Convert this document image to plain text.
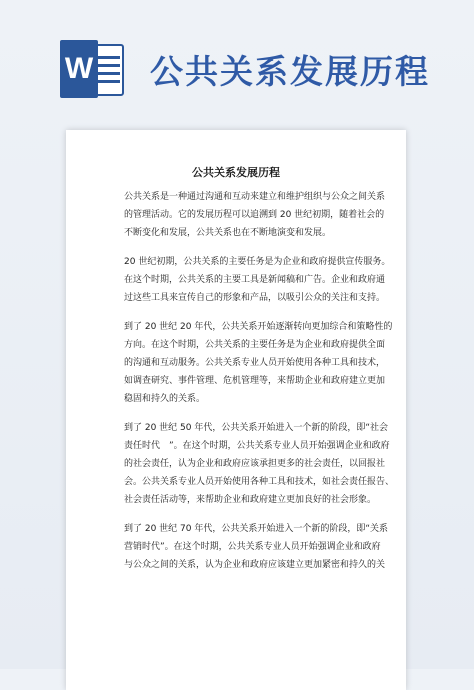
W 公共关系发展历程
公共关系发展历程
公共关系是一种通过沟通和互动来建立和维护组织与公众之间关系
的管理活动。它的发展历程可以追溯到 20 世纪初期，随着社会的
不断变化和发展，公共关系也在不断地演变和发展。
20 世纪初期，公共关系的主要任务是为企业和政府提供宣传服务。
在这个时期，公共关系的主要工具是新闻稿和广告。企业和政府通
过这些工具来宣传自己的形象和产品，以吸引公众的关注和支持。
到了 20 世纪 20 年代，公共关系开始逐渐转向更加综合和策略性的
方向。在这个时期，公共关系的主要任务是为企业和政府提供全面
的沟通和互动服务。公共关系专业人员开始使用各种工具和技术，
如调查研究、事件管理、危机管理等，来帮助企业和政府建立更加
稳固和持久的关系。
到了 20 世纪 50 年代，公共关系开始进入一个新的阶段，即“社会
责任时代　”。在这个时期，公共关系专业人员开始强调企业和政府
的社会责任，认为企业和政府应该承担更多的社会责任，以回报社
会。公共关系专业人员开始使用各种工具和技术，如社会责任报告、
社会责任活动等，来帮助企业和政府建立更加良好的社会形象。
到了 20 世纪 70 年代，公共关系开始进入一个新的阶段，即“关系
营销时代”。在这个时期，公共关系专业人员开始强调企业和政府
与公众之间的关系，认为企业和政府应该建立更加紧密和持久的关
